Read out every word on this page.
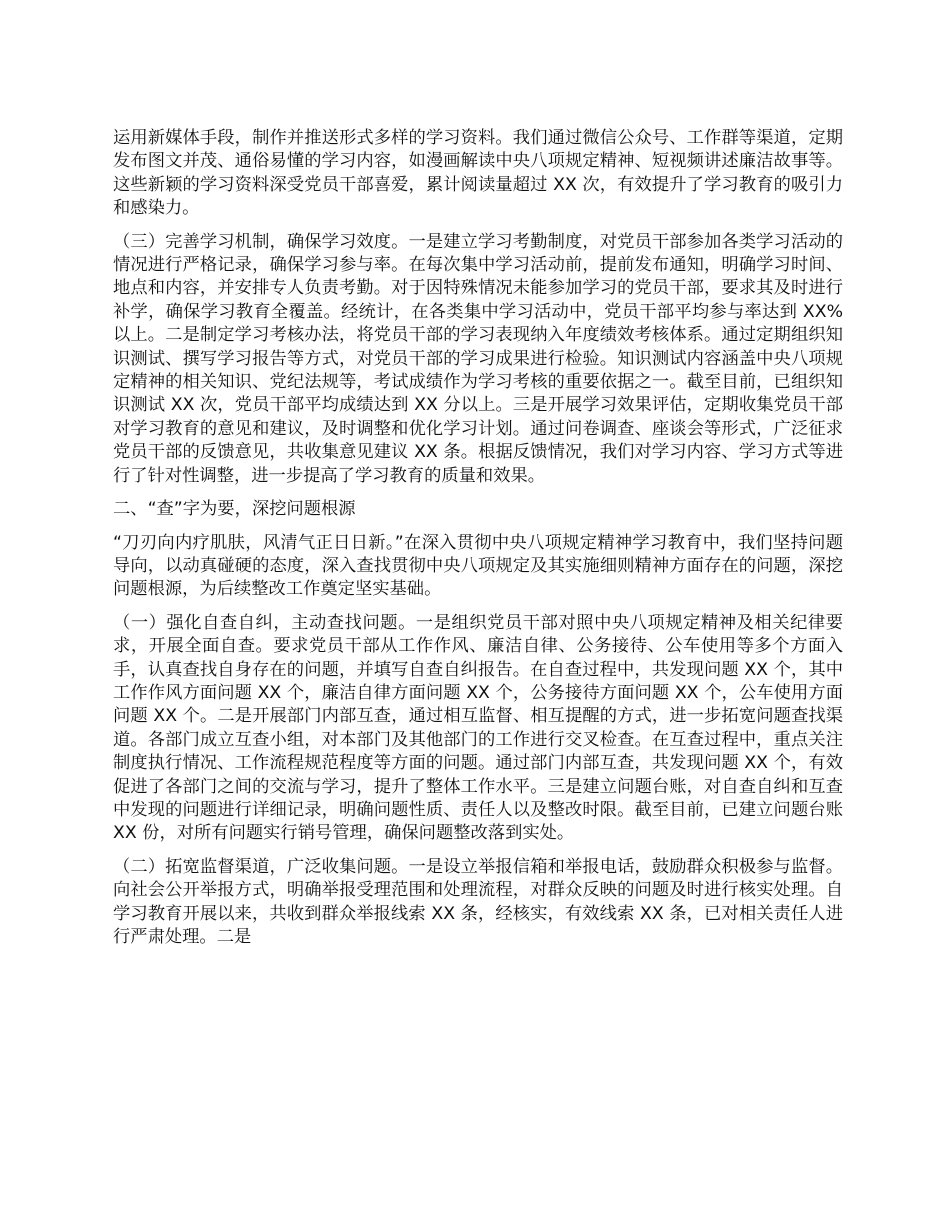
运用新媒体手段，制作并推送形式多样的学习资料。我们通过微信公众号、工作群等渠道，定期发布图文并茂、通俗易懂的学习内容，如漫画解读中央八项规定精神、短视频讲述廉洁故事等。这些新颖的学习资料深受党员干部喜爱，累计阅读量超过 XX 次，有效提升了学习教育的吸引力和感染力。

（三）完善学习机制，确保学习效度。一是建立学习考勤制度，对党员干部参加各类学习活动的情况进行严格记录，确保学习参与率。在每次集中学习活动前，提前发布通知，明确学习时间、地点和内容，并安排专人负责考勤。对于因特殊情况未能参加学习的党员干部，要求其及时进行补学，确保学习教育全覆盖。经统计，在各类集中学习活动中，党员干部平均参与率达到 XX% 以上。二是制定学习考核办法，将党员干部的学习表现纳入年度绩效考核体系。通过定期组织知识测试、撰写学习报告等方式，对党员干部的学习成果进行检验。知识测试内容涵盖中央八项规定精神的相关知识、党纪法规等，考试成绩作为学习考核的重要依据之一。截至目前，已组织知识测试 XX 次，党员干部平均成绩达到 XX 分以上。三是开展学习效果评估，定期收集党员干部对学习教育的意见和建议，及时调整和优化学习计划。通过问卷调查、座谈会等形式，广泛征求党员干部的反馈意见，共收集意见建议 XX 条。根据反馈情况，我们对学习内容、学习方式等进行了针对性调整，进一步提高了学习教育的质量和效果。

二、“查”字为要，深挖问题根源

“刀刃向内疗肌肤，风清气正日日新。”在深入贯彻中央八项规定精神学习教育中，我们坚持问题导向，以动真碰硬的态度，深入查找贯彻中央八项规定及其实施细则精神方面存在的问题，深挖问题根源，为后续整改工作奠定坚实基础。

（一）强化自查自纠，主动查找问题。一是组织党员干部对照中央八项规定精神及相关纪律要求，开展全面自查。要求党员干部从工作作风、廉洁自律、公务接待、公车使用等多个方面入手，认真查找自身存在的问题，并填写自查自纠报告。在自查过程中，共发现问题 XX 个，其中工作作风方面问题 XX 个，廉洁自律方面问题 XX 个，公务接待方面问题 XX 个，公车使用方面问题 XX 个。二是开展部门内部互查，通过相互监督、相互提醒的方式，进一步拓宽问题查找渠道。各部门成立互查小组，对本部门及其他部门的工作进行交叉检查。在互查过程中，重点关注制度执行情况、工作流程规范程度等方面的问题。通过部门内部互查，共发现问题 XX 个，有效促进了各部门之间的交流与学习，提升了整体工作水平。三是建立问题台账，对自查自纠和互查中发现的问题进行详细记录，明确问题性质、责任人以及整改时限。截至目前，已建立问题台账 XX 份，对所有问题实行销号管理，确保问题整改落到实处。

（二）拓宽监督渠道，广泛收集问题。一是设立举报信箱和举报电话，鼓励群众积极参与监督。向社会公开举报方式，明确举报受理范围和处理流程，对群众反映的问题及时进行核实处理。自学习教育开展以来，共收到群众举报线索 XX 条，经核实，有效线索 XX 条，已对相关责任人进行严肃处理。二是
